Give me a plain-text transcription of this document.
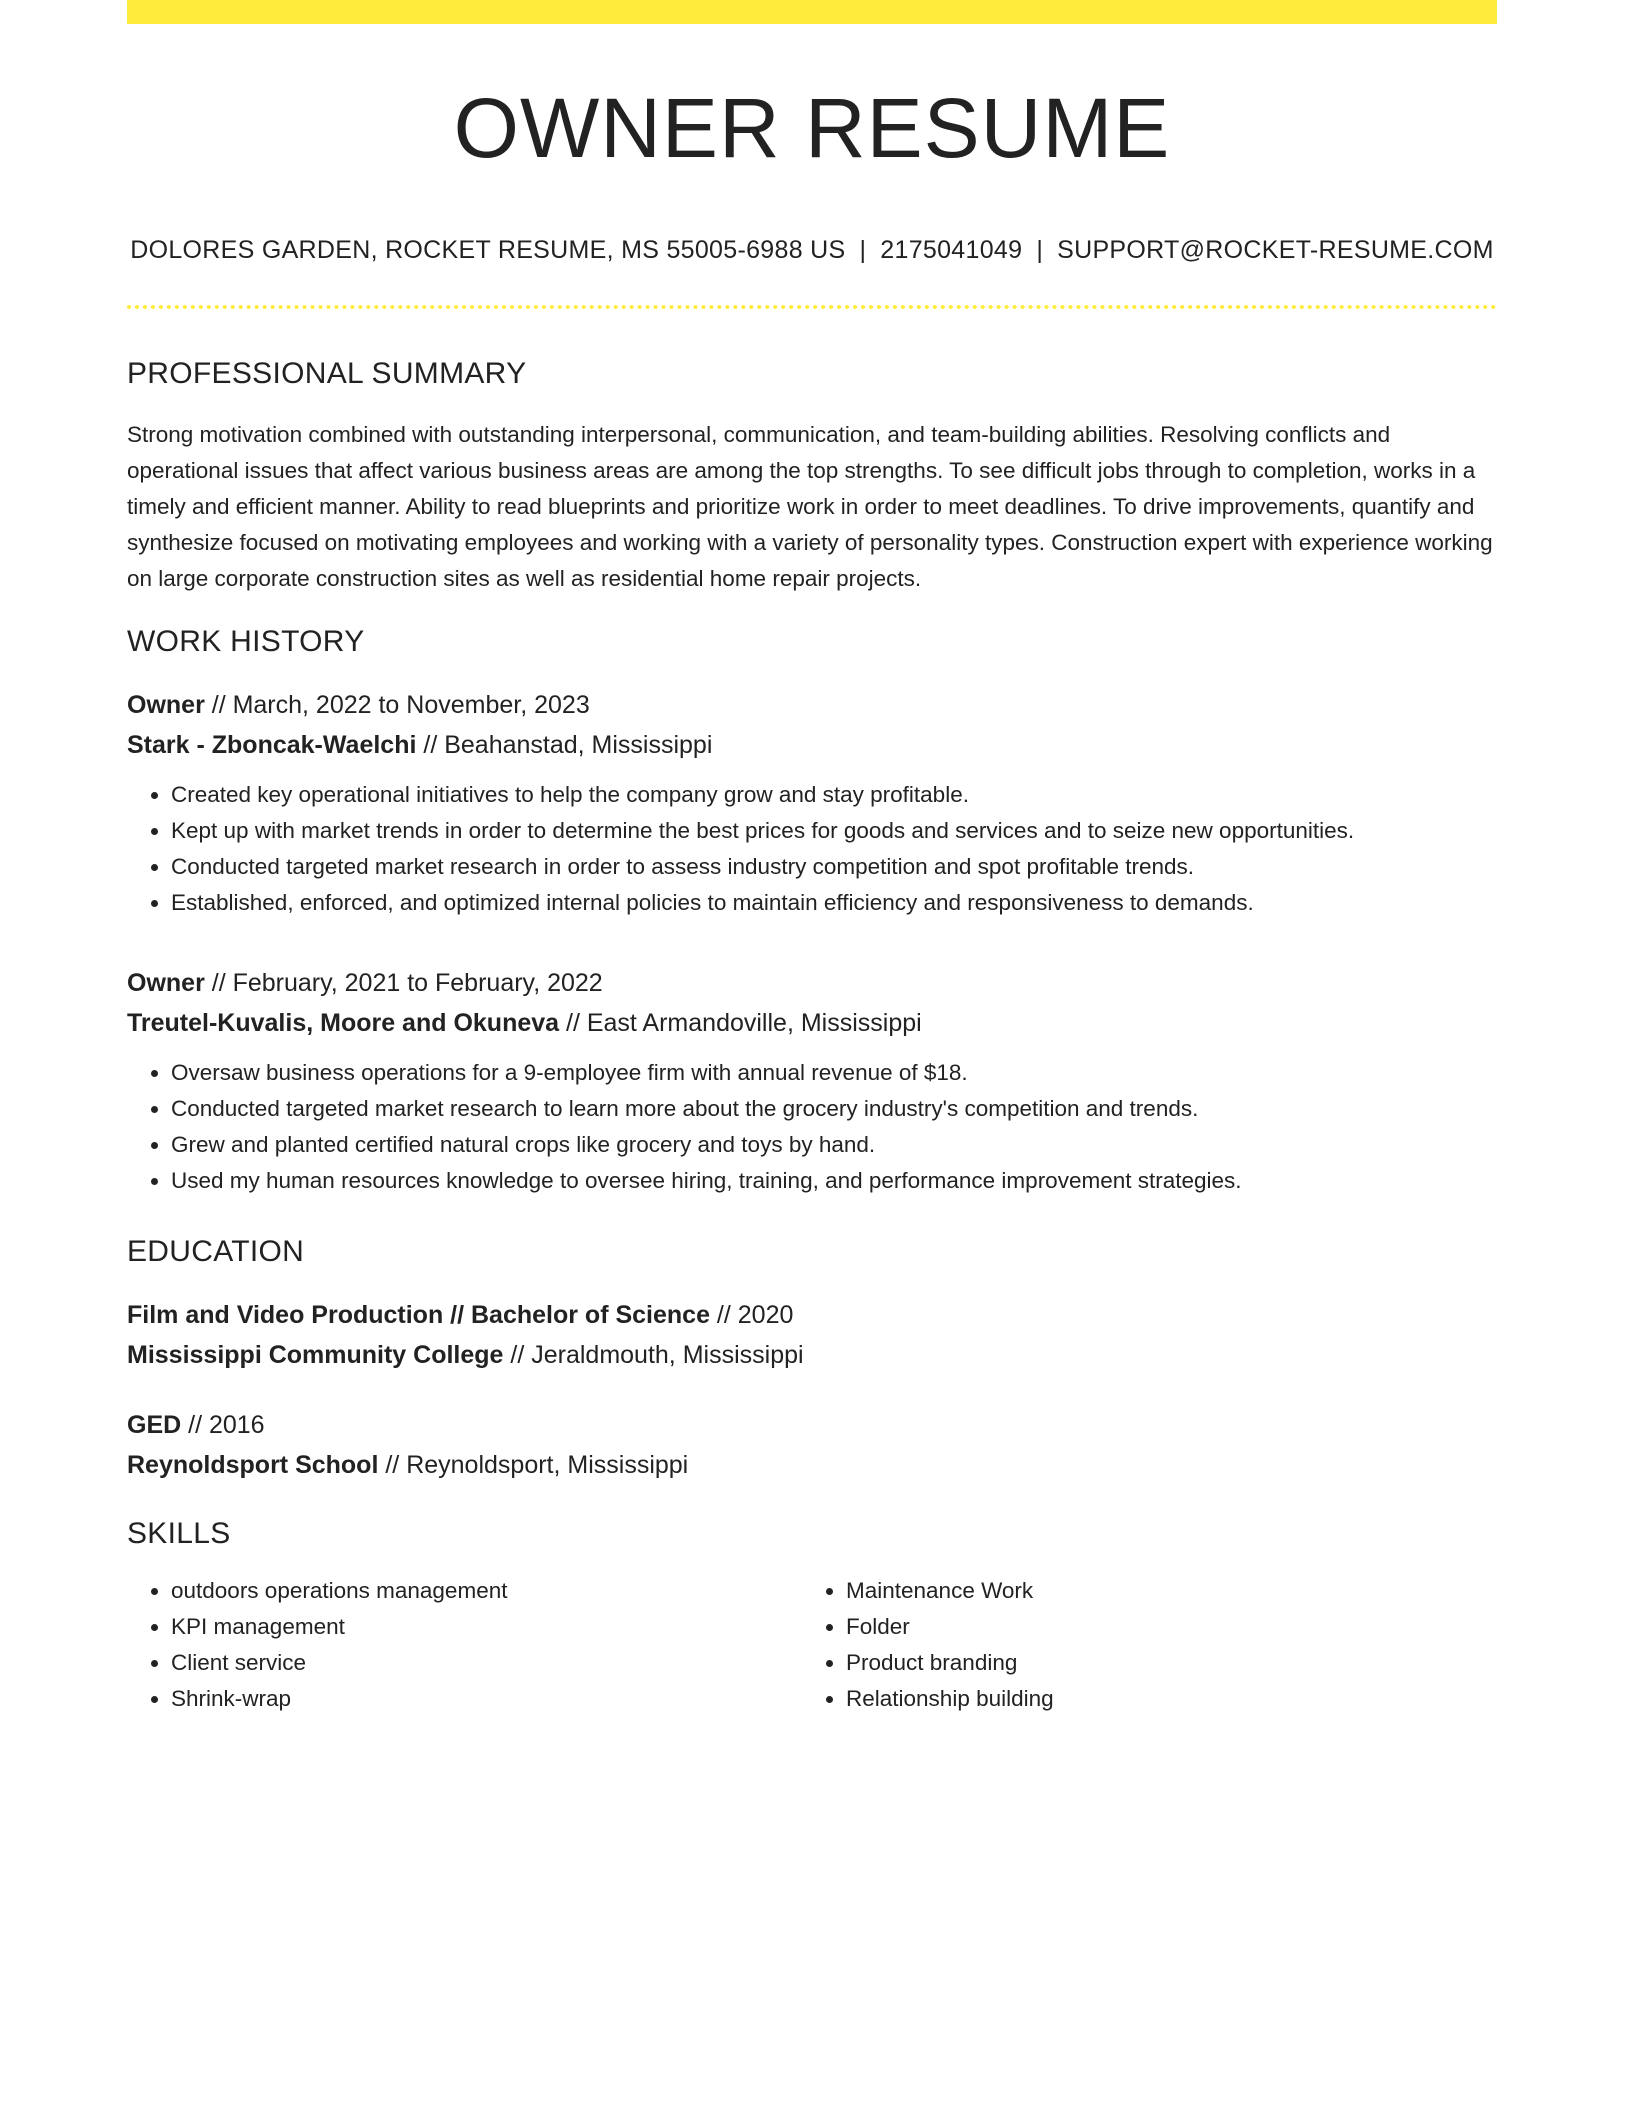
OWNER RESUME
DOLORES GARDEN, ROCKET RESUME, MS 55005-6988 US | 2175041049 | SUPPORT@ROCKET-RESUME.COM
PROFESSIONAL SUMMARY
Strong motivation combined with outstanding interpersonal, communication, and team-building abilities. Resolving conflicts and operational issues that affect various business areas are among the top strengths. To see difficult jobs through to completion, works in a timely and efficient manner. Ability to read blueprints and prioritize work in order to meet deadlines. To drive improvements, quantify and synthesize focused on motivating employees and working with a variety of personality types. Construction expert with experience working on large corporate construction sites as well as residential home repair projects.
WORK HISTORY
Owner // March, 2022 to November, 2023
Stark - Zboncak-Waelchi // Beahanstad, Mississippi
• Created key operational initiatives to help the company grow and stay profitable.
• Kept up with market trends in order to determine the best prices for goods and services and to seize new opportunities.
• Conducted targeted market research in order to assess industry competition and spot profitable trends.
• Established, enforced, and optimized internal policies to maintain efficiency and responsiveness to demands.
Owner // February, 2021 to February, 2022
Treutel-Kuvalis, Moore and Okuneva // East Armandoville, Mississippi
• Oversaw business operations for a 9-employee firm with annual revenue of $18.
• Conducted targeted market research to learn more about the grocery industry's competition and trends.
• Grew and planted certified natural crops like grocery and toys by hand.
• Used my human resources knowledge to oversee hiring, training, and performance improvement strategies.
EDUCATION
Film and Video Production // Bachelor of Science // 2020
Mississippi Community College // Jeraldmouth, Mississippi
GED // 2016
Reynoldsport School // Reynoldsport, Mississippi
SKILLS
• outdoors operations management
• KPI management
• Client service
• Shrink-wrap
• Maintenance Work
• Folder
• Product branding
• Relationship building
